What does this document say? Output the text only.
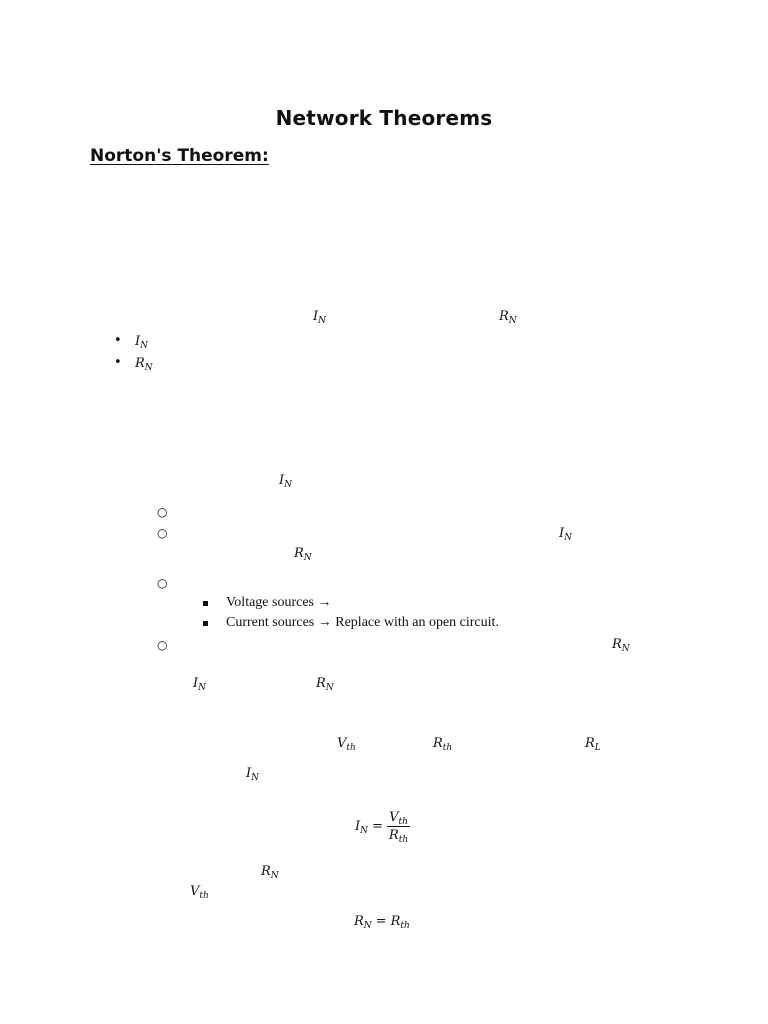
Network Theorems
Norton's Theorem:
$I_N$	$R_N$
• $I_N$
• $R_N$
$I_N$
○
○	$I_N$
$R_N$
○
Voltage sources →
Current sources → Replace with an open circuit.
○	$R_N$
$I_N$	$R_N$
$V_{th}$	$R_{th}$	$R_L$
$I_N$
$I_N = \frac{V_{th}}{R_{th}}$
$R_N$
$V_{th}$
$R_N = R_{th}$
